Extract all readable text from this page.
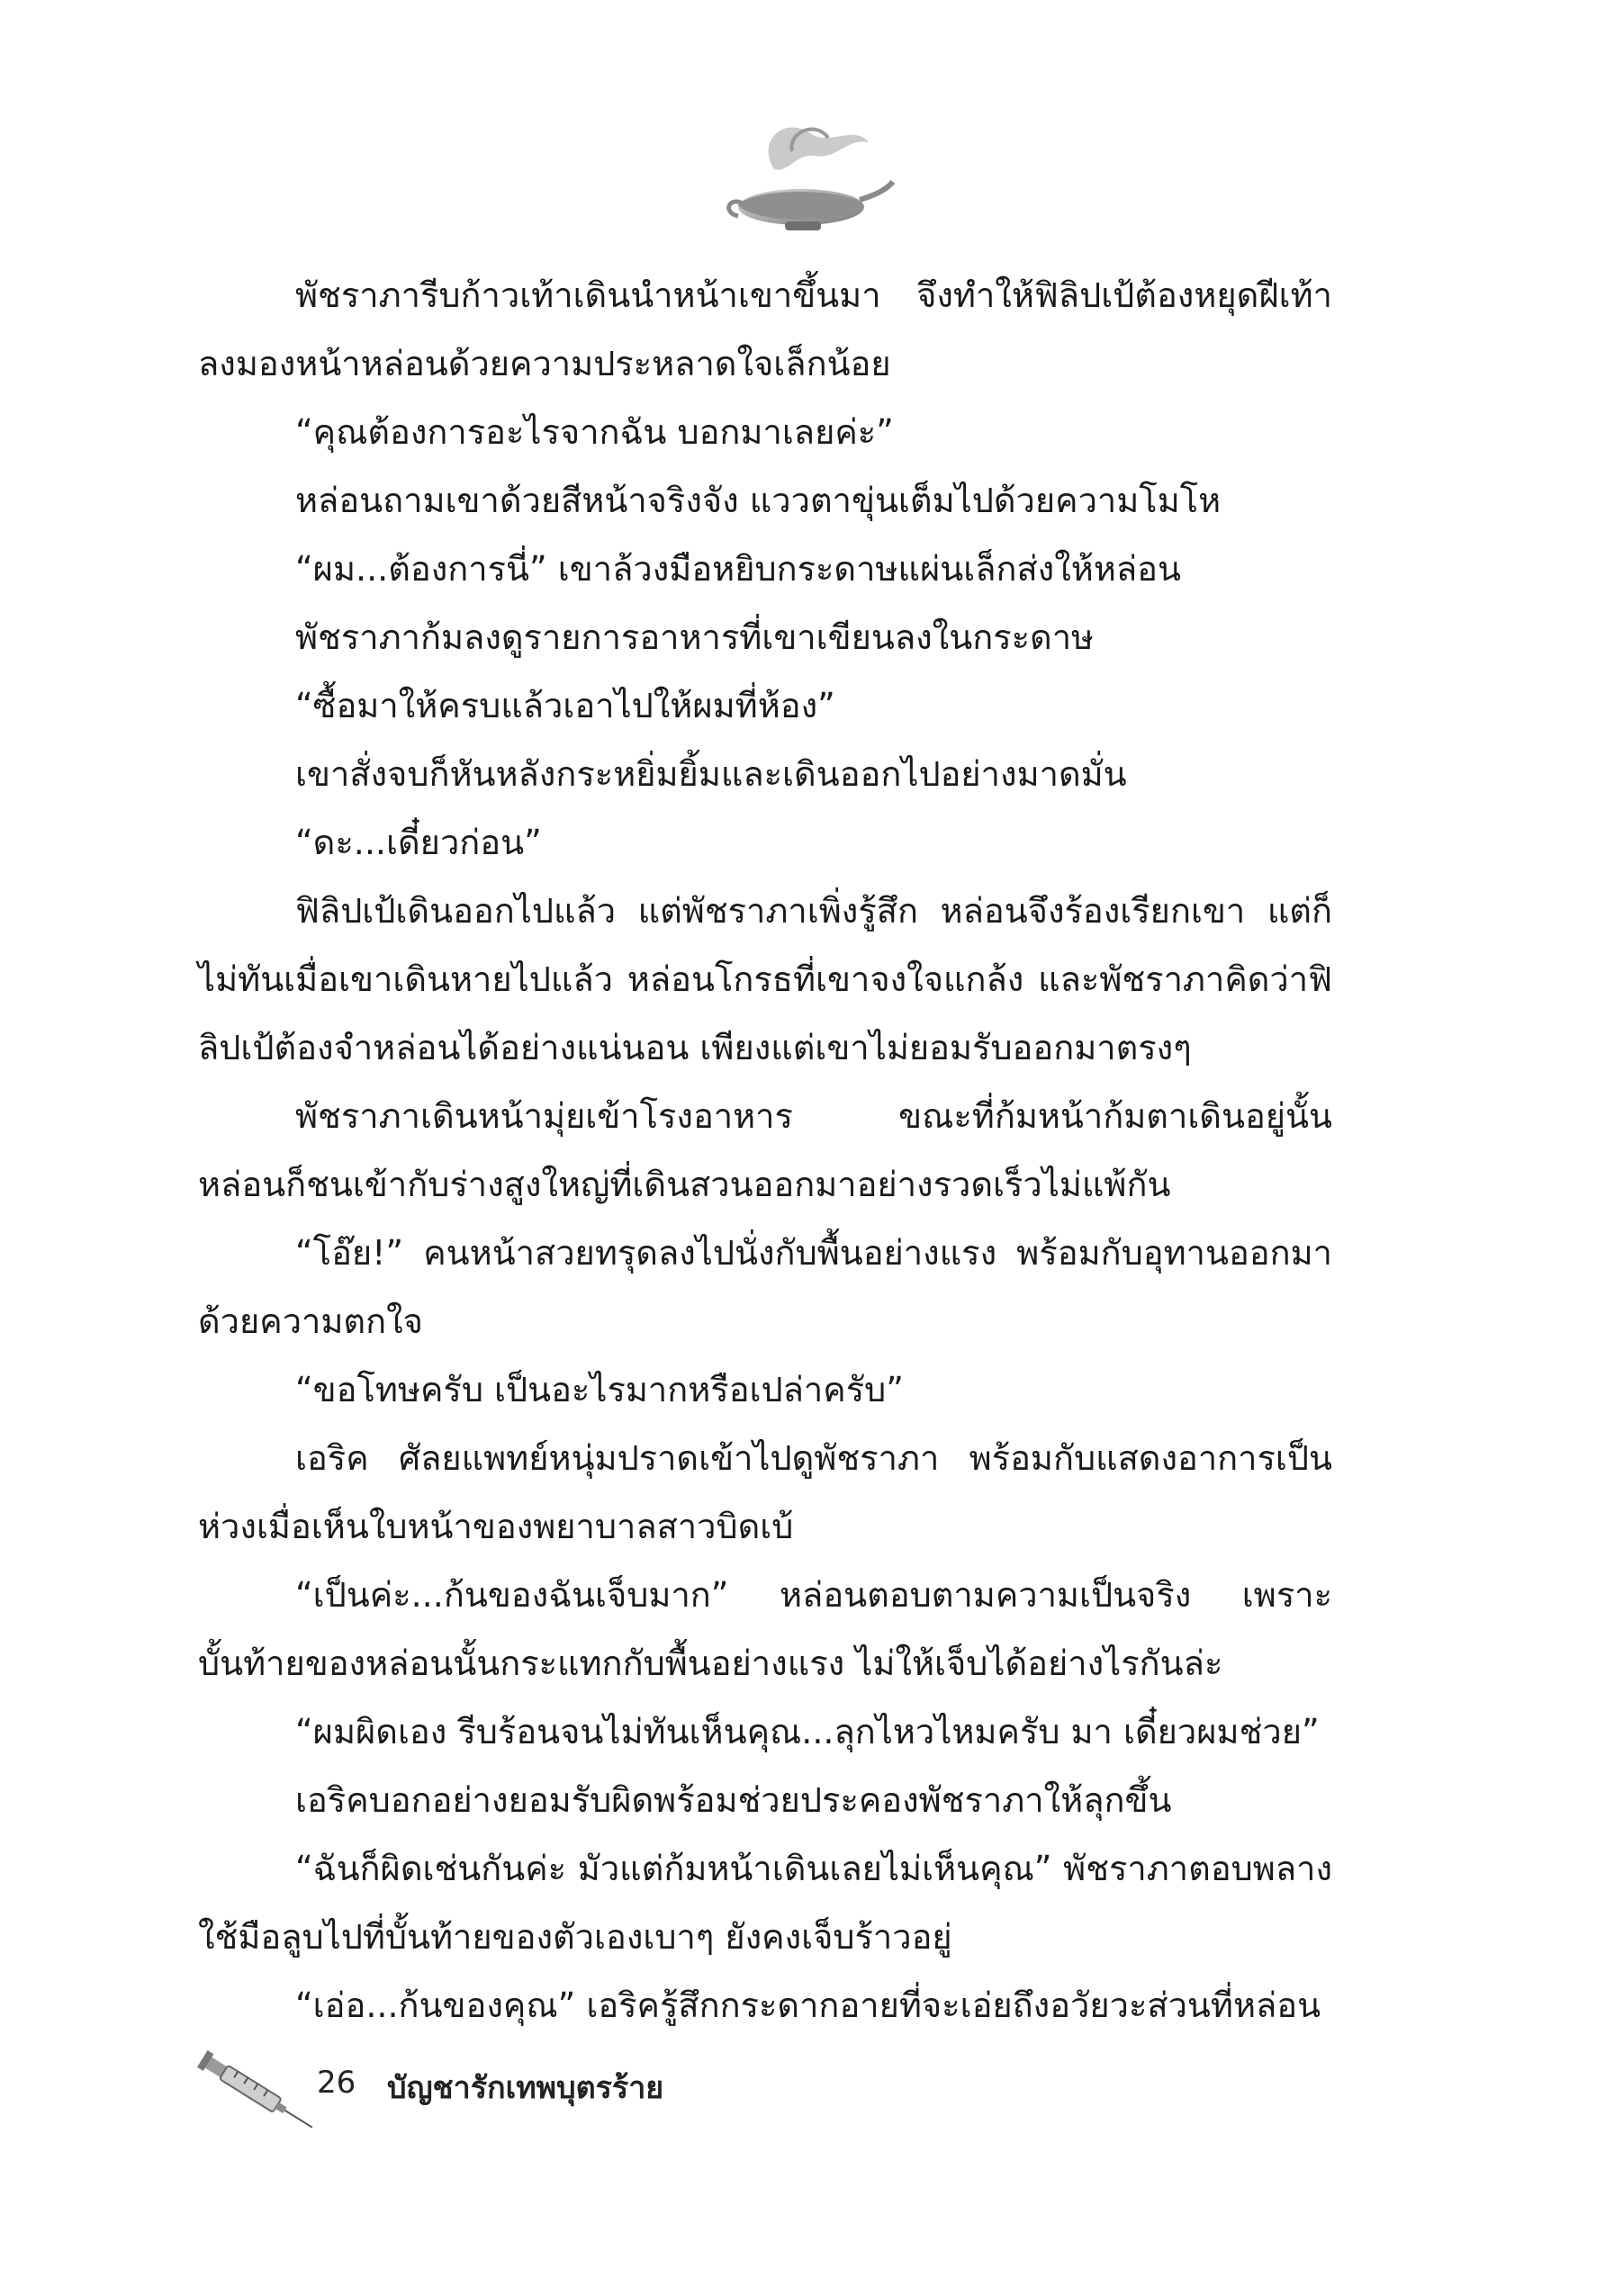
พัชราภารีบก้าวเท้าเดินนำหน้าเขาขึ้นมา จึงทำให้ฟิลิปเป้ต้องหยุดฝีเท้าลงมองหน้าหล่อนด้วยความประหลาดใจเล็กน้อย

“คุณต้องการอะไรจากฉัน บอกมาเลยค่ะ”

หล่อนถามเขาด้วยสีหน้าจริงจัง แววตาขุ่นเต็มไปด้วยความโมโห

“ผม...ต้องการนี่” เขาล้วงมือหยิบกระดาษแผ่นเล็กส่งให้หล่อน

พัชราภาก้มลงดูรายการอาหารที่เขาเขียนลงในกระดาษ

“ซื้อมาให้ครบแล้วเอาไปให้ผมที่ห้อง”

เขาสั่งจบก็หันหลังกระหยิ่มยิ้มและเดินออกไปอย่างมาดมั่น

“ดะ...เดี๋ยวก่อน”

ฟิลิปเป้เดินออกไปแล้ว แต่พัชราภาเพิ่งรู้สึก หล่อนจึงร้องเรียกเขา แต่ก็ไม่ทันเมื่อเขาเดินหายไปแล้ว หล่อนโกรธที่เขาจงใจแกล้ง และพัชราภาคิดว่าฟิลิปเป้ต้องจำหล่อนได้อย่างแน่นอน เพียงแต่เขาไม่ยอมรับออกมาตรงๆ

พัชราภาเดินหน้ามุ่ยเข้าโรงอาหาร ขณะที่ก้มหน้าก้มตาเดินอยู่นั้น หล่อนก็ชนเข้ากับร่างสูงใหญ่ที่เดินสวนออกมาอย่างรวดเร็วไม่แพ้กัน

“โอ๊ย!” คนหน้าสวยทรุดลงไปนั่งกับพื้นอย่างแรง พร้อมกับอุทานออกมาด้วยความตกใจ

“ขอโทษครับ เป็นอะไรมากหรือเปล่าครับ”

เอริค ศัลยแพทย์หนุ่มปราดเข้าไปดูพัชราภา พร้อมกับแสดงอาการเป็นห่วงเมื่อเห็นใบหน้าของพยาบาลสาวบิดเบ้

“เป็นค่ะ...ก้นของฉันเจ็บมาก” หล่อนตอบตามความเป็นจริง เพราะบั้นท้ายของหล่อนนั้นกระแทกกับพื้นอย่างแรง ไม่ให้เจ็บได้อย่างไรกันล่ะ

“ผมผิดเอง รีบร้อนจนไม่ทันเห็นคุณ...ลุกไหวไหมครับ มา เดี๋ยวผมช่วย”

เอริคบอกอย่างยอมรับผิดพร้อมช่วยประคองพัชราภาให้ลุกขึ้น

“ฉันก็ผิดเช่นกันค่ะ มัวแต่ก้มหน้าเดินเลยไม่เห็นคุณ” พัชราภาตอบพลางใช้มือลูบไปที่บั้นท้ายของตัวเองเบาๆ ยังคงเจ็บร้าวอยู่

“เอ่อ...ก้นของคุณ” เอริครู้สึกกระดากอายที่จะเอ่ยถึงอวัยวะส่วนที่หล่อน

26 บัญชารักเทพบุตรร้าย
